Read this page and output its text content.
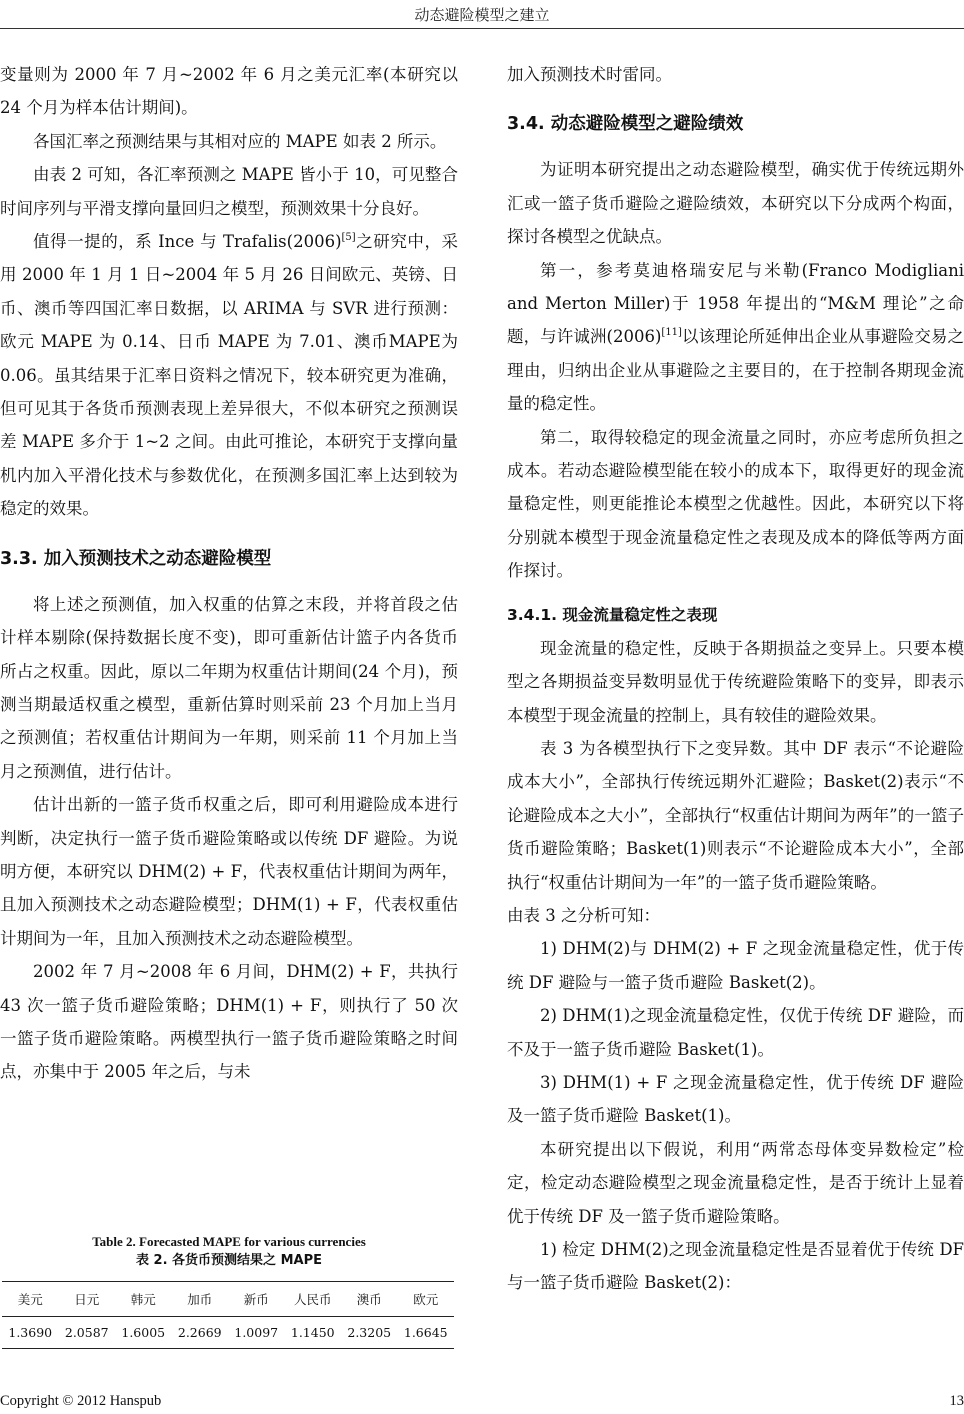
动态避险模型之建立

变量则为 2000 年 7 月~2002 年 6 月之美元汇率(本研究以 24 个月为样本估计期间)。

各国汇率之预测结果与其相对应的 MAPE 如表 2 所示。

由表 2 可知，各汇率预测之 MAPE 皆小于 10，可见整合时间序列与平滑支撑向量回归之模型，预测效果十分良好。

值得一提的，系 Ince 与 Trafalis(2006)[5]之研究中，采用 2000 年 1 月 1 日~2004 年 5 月 26 日间欧元、英镑、日币、澳币等四国汇率日数据，以 ARIMA 与 SVR 进行预测：欧元 MAPE 为 0.14、日币 MAPE 为 7.01、澳币MAPE为0.06。虽其结果于汇率日资料之情况下，较本研究更为准确，但可见其于各货币预测表现上差异很大，不似本研究之预测误差 MAPE 多介于 1~2 之间。由此可推论，本研究于支撑向量机内加入平滑化技术与参数优化，在预测多国汇率上达到较为稳定的效果。

3.3. 加入预测技术之动态避险模型

将上述之预测值，加入权重的估算之末段，并将首段之估计样本剔除(保持数据长度不变)，即可重新估计篮子内各货币所占之权重。因此，原以二年期为权重估计期间(24 个月)，预测当期最适权重之模型，重新估算时则采前 23 个月加上当月之预测值；若权重估计期间为一年期，则采前 11 个月加上当月之预测值，进行估计。

估计出新的一篮子货币权重之后，即可利用避险成本进行判断，决定执行一篮子货币避险策略或以传统 DF 避险。为说明方便，本研究以 DHM(2) + F，代表权重估计期间为两年，且加入预测技术之动态避险模型；DHM(1) + F，代表权重估计期间为一年，且加入预测技术之动态避险模型。

2002 年 7 月~2008 年 6 月间，DHM(2) + F，共执行 43 次一篮子货币避险策略；DHM(1) + F，则执行了 50 次一篮子货币避险策略。两模型执行一篮子货币避险策略之时间点，亦集中于 2005 年之后，与未

Table 2. Forecasted MAPE for various currencies
表 2. 各货币预测结果之 MAPE
美元	日元	韩元	加币	新币	人民币	澳币	欧元
1.3690	2.0587	1.6005	2.2669	1.0097	1.1450	2.3205	1.6645

加入预测技术时雷同。

3.4. 动态避险模型之避险绩效

为证明本研究提出之动态避险模型，确实优于传统远期外汇或一篮子货币避险之避险绩效，本研究以下分成两个构面，探讨各模型之优缺点。

第一，参考莫迪格瑞安尼与米勒(Franco Modigliani and Merton Miller)于 1958 年提出的“M&M 理论”之命题，与许诚洲(2006)[11]以该理论所延伸出企业从事避险交易之理由，归纳出企业从事避险之主要目的，在于控制各期现金流量的稳定性。

第二，取得较稳定的现金流量之同时，亦应考虑所负担之成本。若动态避险模型能在较小的成本下，取得更好的现金流量稳定性，则更能推论本模型之优越性。因此，本研究以下将分别就本模型于现金流量稳定性之表现及成本的降低等两方面作探讨。

3.4.1. 现金流量稳定性之表现

现金流量的稳定性，反映于各期损益之变异上。只要本模型之各期损益变异数明显优于传统避险策略下的变异，即表示本模型于现金流量的控制上，具有较佳的避险效果。

表 3 为各模型执行下之变异数。其中 DF 表示“不论避险成本大小”，全部执行传统远期外汇避险；Basket(2)表示“不论避险成本之大小”，全部执行“权重估计期间为两年”的一篮子货币避险策略；Basket(1)则表示“不论避险成本大小”，全部执行“权重估计期间为一年”的一篮子货币避险策略。

由表 3 之分析可知：

1) DHM(2)与 DHM(2) + F 之现金流量稳定性，优于传统 DF 避险与一篮子货币避险 Basket(2)。

2) DHM(1)之现金流量稳定性，仅优于传统 DF 避险，而不及于一篮子货币避险 Basket(1)。

3) DHM(1) + F 之现金流量稳定性，优于传统 DF 避险及一篮子货币避险 Basket(1)。

本研究提出以下假说，利用“两常态母体变异数检定”检定，检定动态避险模型之现金流量稳定性，是否于统计上显着优于传统 DF 及一篮子货币避险策略。

1) 检定 DHM(2)之现金流量稳定性是否显着优于传统 DF 与一篮子货币避险 Basket(2)：

Copyright © 2012 Hanspub	13
